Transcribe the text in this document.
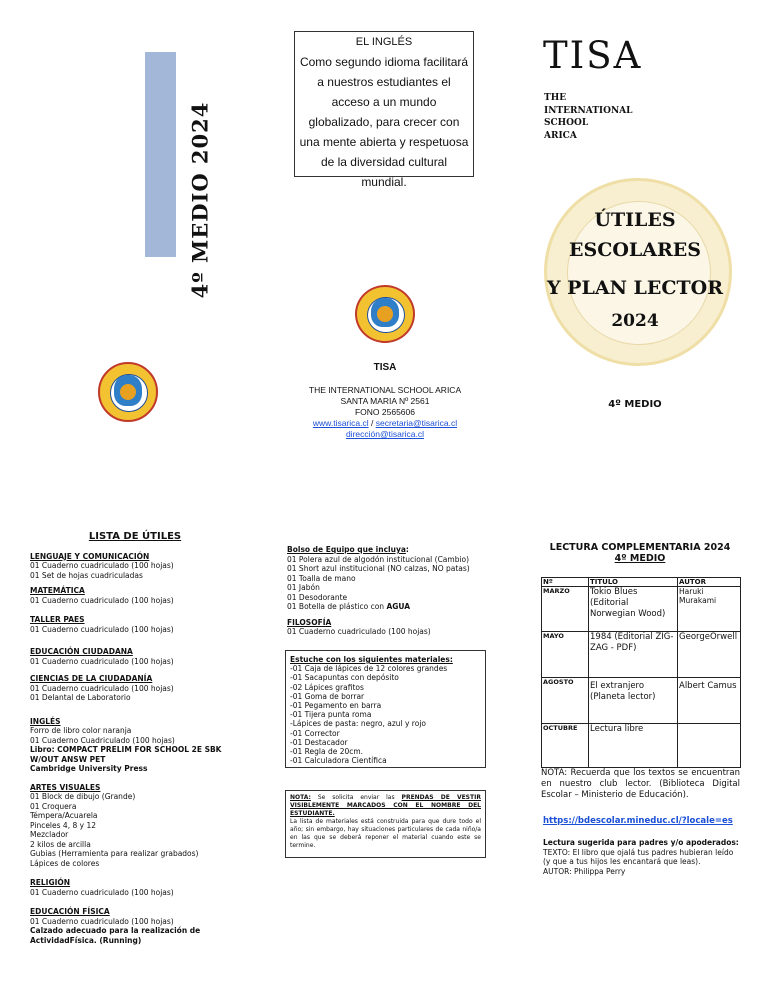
4º MEDIO 2024
EL INGLÉS
Como segundo idioma facilitará a nuestros estudiantes el acceso a un mundo globalizado, para crecer con una mente abierta y respetuosa de la diversidad cultural mundial.
TISA
THE INTERNATIONAL SCHOOL ARICA
SANTA MARIA Nº 2561
FONO 2565606
www.tisarica.cl / secretaria@tisarica.cl
dirección@tisarica.cl
TISA
THE
INTERNATIONAL
SCHOOL
ARICA
ÚTILES
ESCOLARES
Y PLAN LECTOR
2024
4º MEDIO
LISTA DE ÚTILES
LENGUAJE Y COMUNICACIÓN
01 Cuaderno cuadriculado (100 hojas)
01 Set de hojas cuadriculadas
MATEMÁTICA
01 Cuaderno cuadriculado (100 hojas)
TALLER PAES
01 Cuaderno cuadriculado (100 hojas)
EDUCACIÓN CIUDADANA
01 Cuaderno cuadriculado (100 hojas)
CIENCIAS DE LA CIUDADANÍA
01 Cuaderno cuadriculado (100 hojas)
01 Delantal de Laboratorio
INGLÉS
Forro de libro color naranja
01 Cuaderno Cuadriculado (100 hojas)
Libro: COMPACT PRELIM FOR SCHOOL 2E SBK W/OUT ANSW PET
Cambridge University Press
ARTES VISUALES
01 Block de dibujo (Grande)
01 Croquera
Témpera/Acuarela
Pinceles 4, 8 y 12
Mezclador
2 kilos de arcilla
Gubias (Herramienta para realizar grabados)
Lápices de colores
RELIGIÓN
01 Cuaderno cuadriculado (100 hojas)
EDUCACIÓN FÍSICA
01 Cuaderno cuadriculado (100 hojas)
Calzado adecuado para la realización de ActividadFísica. (Running)
Bolso de Equipo que incluya:
01 Polera azul de algodón institucional (Cambio)
01 Short azul institucional (NO calzas, NO patas)
01 Toalla de mano
01 Jabón
01 Desodorante
01 Botella de plástico con AGUA
FILOSOFÍA
01 Cuaderno cuadriculado (100 hojas)
Estuche con los siguientes materiales:
-01 Caja de lápices de 12 colores grandes
-01 Sacapuntas con depósito
-02 Lápices grafitos
-01 Goma de borrar
-01 Pegamento en barra
-01 Tijera punta roma
-Lápices de pasta: negro, azul y rojo
-01 Corrector
-01 Destacador
-01 Regla de 20cm.
-01 Calculadora Científica
NOTA: Se solicita enviar las PRENDAS DE VESTIR VISIBLEMENTE MARCADOS CON EL NOMBRE DEL ESTUDIANTE.
La lista de materiales está construida para que dure todo el año; sin embargo, hay situaciones particulares de cada niño/a en las que se deberá reponer el material cuando este se termine.
LECTURA COMPLEMENTARIA 2024
4º MEDIO
Nº	TITULO	AUTOR
MARZO	Tokio Blues (Editorial Norwegian Wood)	Haruki Murakami
MAYO	1984 (Editorial ZIG-ZAG - PDF)	GeorgeOrwell
AGOSTO	El extranjero (Planeta lector)	Albert Camus
OCTUBRE	Lectura libre	
NOTA: Recuerda que los textos se encuentran en nuestro club lector. (Biblioteca Digital Escolar – Ministerio de Educación).
https://bdescolar.mineduc.cl/?locale=es
Lectura sugerida para padres y/o apoderados:
TEXTO: El libro que ojalá tus padres hubieran leído (y que a tus hijos les encantará que leas).
AUTOR: Philippa Perry
